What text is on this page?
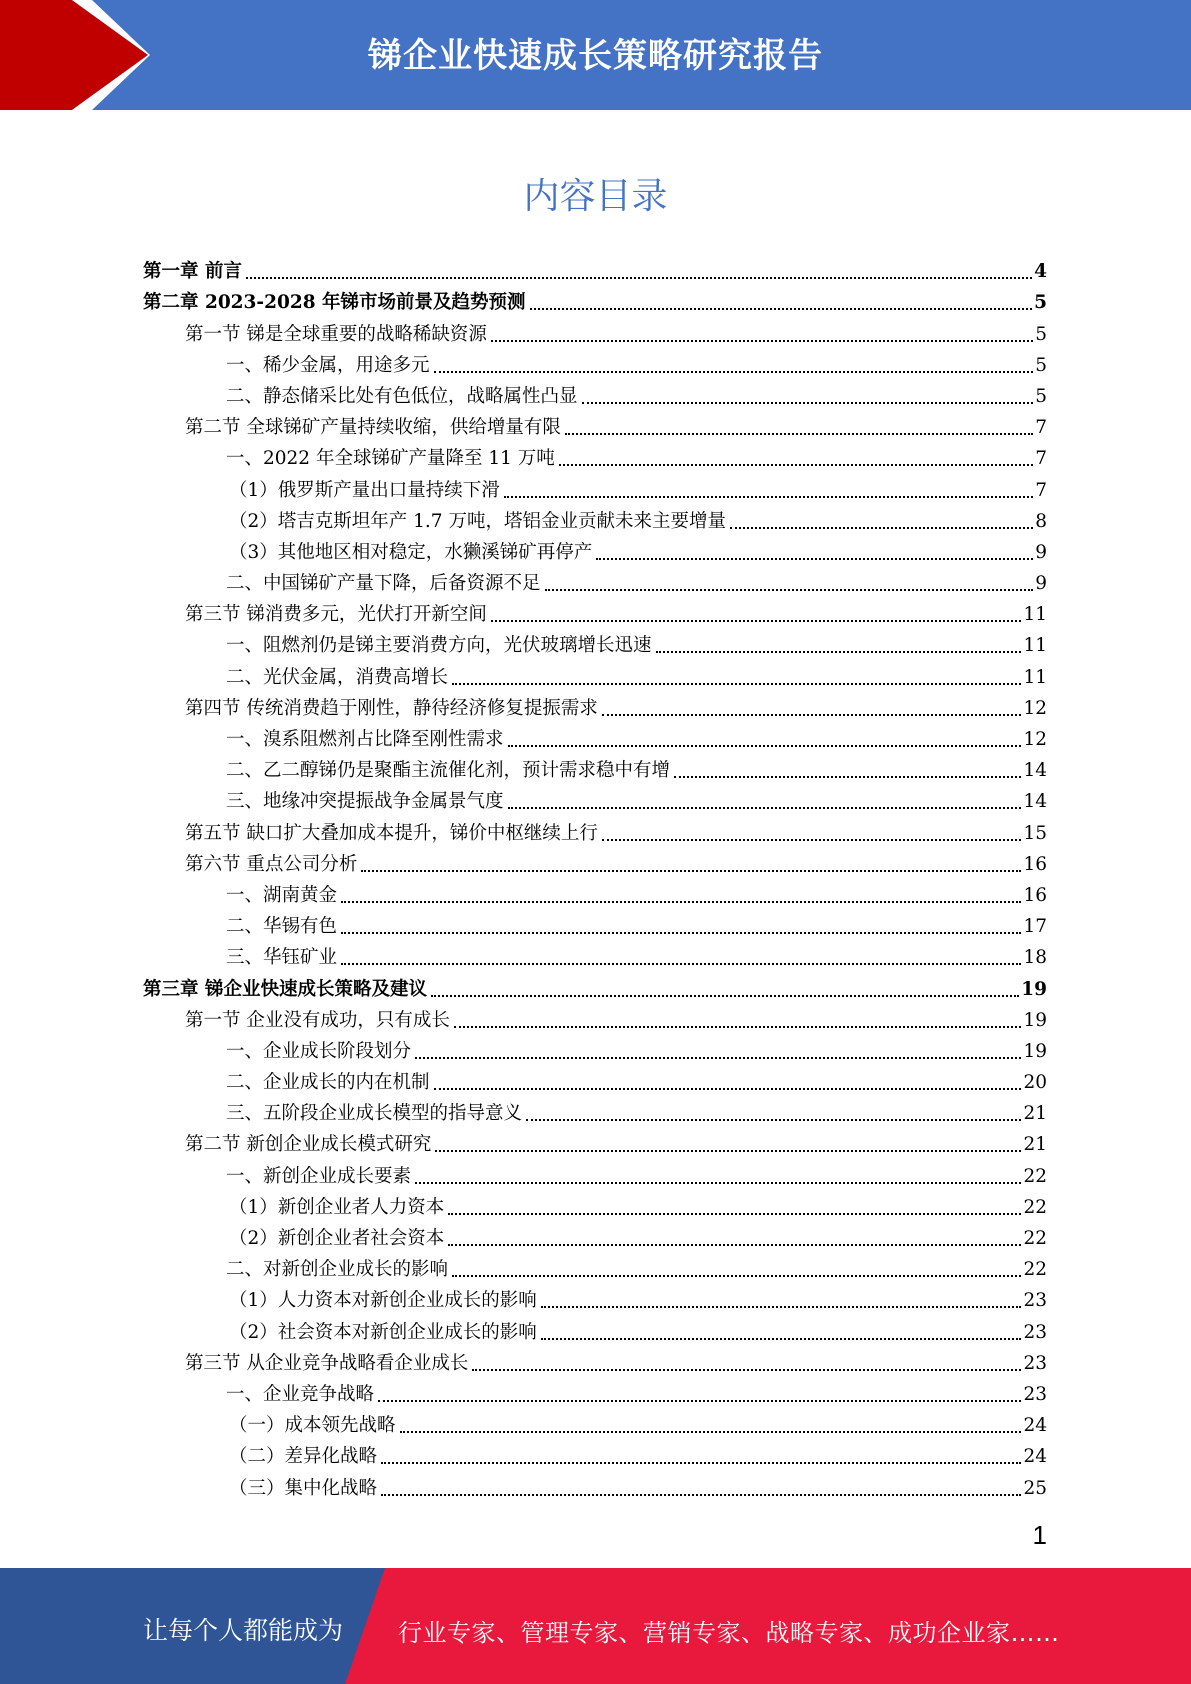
锑企业快速成长策略研究报告
内容目录
第一章 前言	4
第二章 2023-2028 年锑市场前景及趋势预测	5
第一节 锑是全球重要的战略稀缺资源	5
一、稀少金属，用途多元	5
二、静态储采比处有色低位，战略属性凸显	5
第二节 全球锑矿产量持续收缩，供给增量有限	7
一、2022 年全球锑矿产量降至 11 万吨	7
（1）俄罗斯产量出口量持续下滑	7
（2）塔吉克斯坦年产 1.7 万吨，塔铝金业贡献未来主要增量	8
（3）其他地区相对稳定，水獭溪锑矿再停产	9
二、中国锑矿产量下降，后备资源不足	9
第三节 锑消费多元，光伏打开新空间	11
一、阻燃剂仍是锑主要消费方向，光伏玻璃增长迅速	11
二、光伏金属，消费高增长	11
第四节 传统消费趋于刚性，静待经济修复提振需求	12
一、溴系阻燃剂占比降至刚性需求	12
二、乙二醇锑仍是聚酯主流催化剂，预计需求稳中有增	14
三、地缘冲突提振战争金属景气度	14
第五节 缺口扩大叠加成本提升，锑价中枢继续上行	15
第六节 重点公司分析	16
一、湖南黄金	16
二、华锡有色	17
三、华钰矿业	18
第三章 锑企业快速成长策略及建议	19
第一节 企业没有成功，只有成长	19
一、企业成长阶段划分	19
二、企业成长的内在机制	20
三、五阶段企业成长模型的指导意义	21
第二节 新创企业成长模式研究	21
一、新创企业成长要素	22
（1）新创企业者人力资本	22
（2）新创企业者社会资本	22
二、对新创企业成长的影响	22
（1）人力资本对新创企业成长的影响	23
（2）社会资本对新创企业成长的影响	23
第三节 从企业竞争战略看企业成长	23
一、企业竞争战略	23
（一）成本领先战略	24
（二）差异化战略	24
（三）集中化战略	25
1
让每个人都能成为 行业专家、管理专家、营销专家、战略专家、成功企业家……
